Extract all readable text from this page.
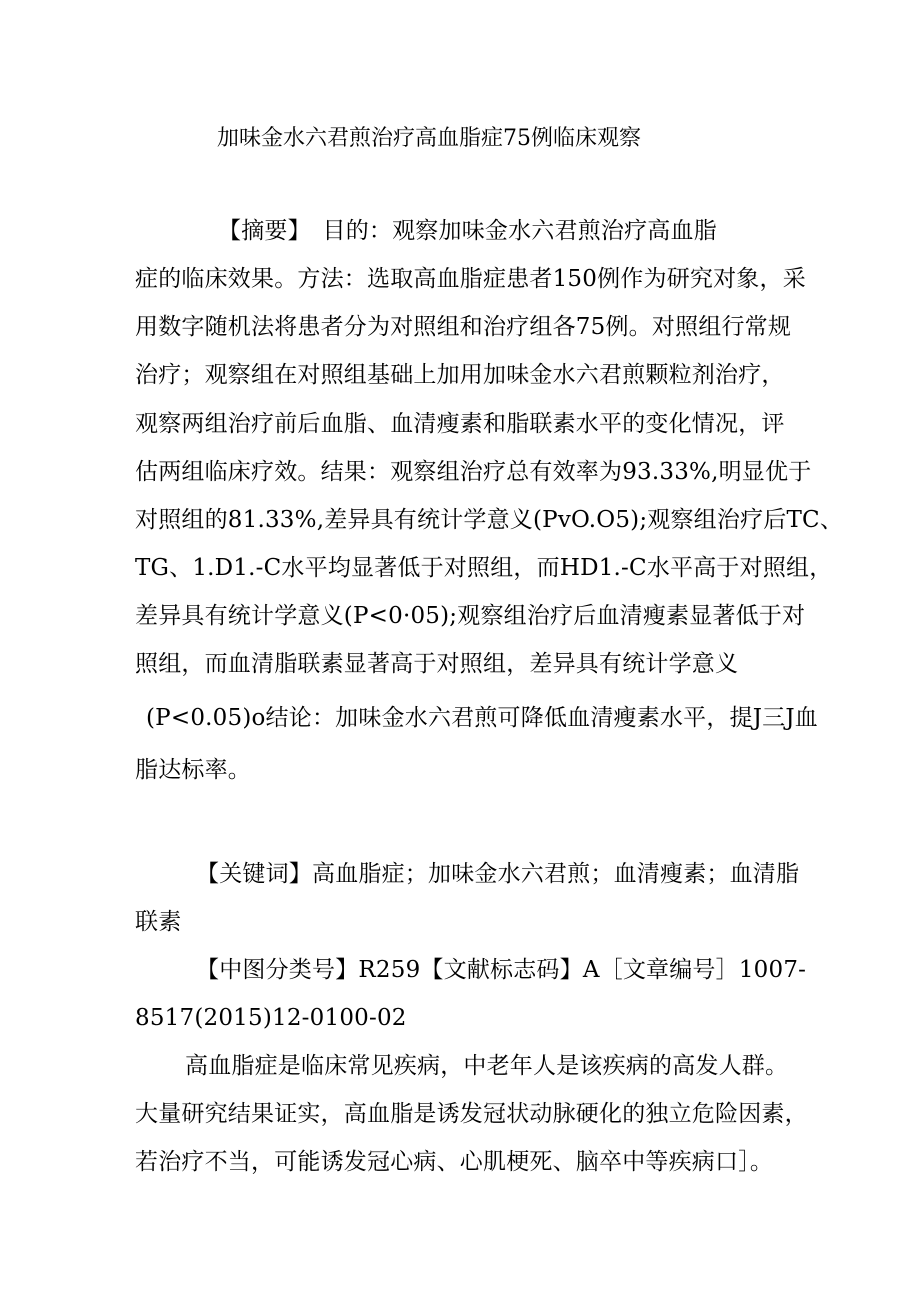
加味金水六君煎治疗高血脂症75例临床观察

【摘要】　目的：观察加味金水六君煎治疗高血脂

症的临床效果。方法：选取高血脂症患者150例作为研究对象，采

用数字随机法将患者分为对照组和治疗组各75例。对照组行常规

治疗；观察组在对照组基础上加用加味金水六君煎颗粒剂治疗，

观察两组治疗前后血脂、血清瘦素和脂联素水平的变化情况，评

估两组临床疗效。结果：观察组治疗总有效率为93.33%,明显优于

对照组的81.33%,差异具有统计学意义(PvO.O5);观察组治疗后TC、

TG、1.D1.-C水平均显著低于对照组，而HD1.-C水平高于对照组，

差异具有统计学意义(P<0·05);观察组治疗后血清瘦素显著低于对

照组，而血清脂联素显著高于对照组，差异具有统计学意义

(P<0.05)o结论：加味金水六君煎可降低血清瘦素水平，提J三J血

脂达标率。

【关键词】高血脂症；加味金水六君煎；血清瘦素；血清脂

联素

【中图分类号】R259【文献标志码】A［文章编号］1007-

8517(2015)12-0100-02

高血脂症是临床常见疾病，中老年人是该疾病的高发人群。

大量研究结果证实，高血脂是诱发冠状动脉硬化的独立危险因素，

若治疗不当，可能诱发冠心病、心肌梗死、脑卒中等疾病口］。
